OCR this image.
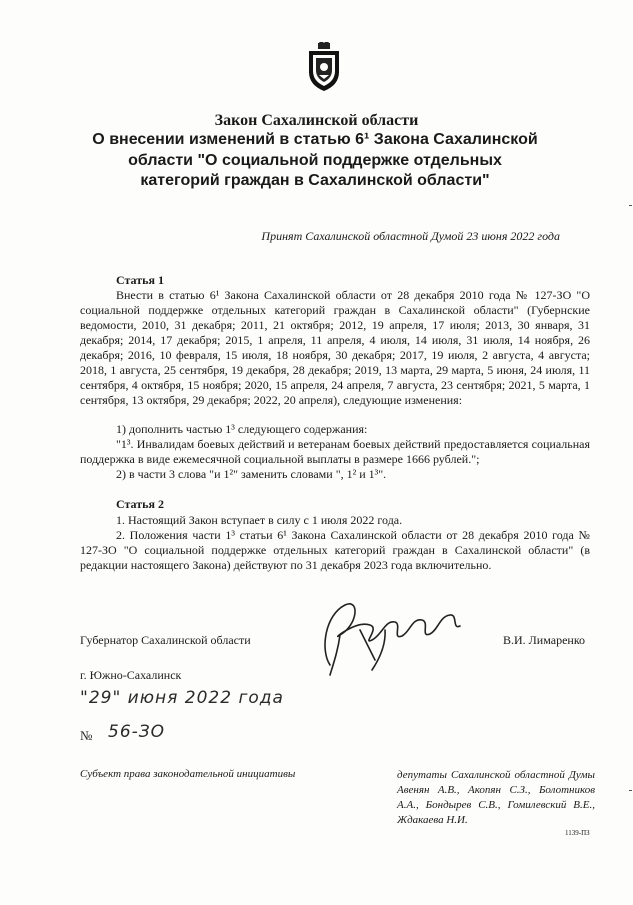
Закон Сахалинской области
О внесении изменений в статью 6¹ Закона Сахалинской области "О социальной поддержке отдельных категорий граждан в Сахалинской области"
Принят Сахалинской областной Думой 23 июня 2022 года
Статья 1
Внести в статью 6¹ Закона Сахалинской области от 28 декабря 2010 года № 127-ЗО "О социальной поддержке отдельных категорий граждан в Сахалинской области" (Губернские ведомости, 2010, 31 декабря; 2011, 21 октября; 2012, 19 апреля, 17 июля; 2013, 30 января, 31 декабря; 2014, 17 декабря; 2015, 1 апреля, 11 апреля, 4 июля, 14 июля, 31 июля, 14 ноября, 26 декабря; 2016, 10 февраля, 15 июля, 18 ноября, 30 декабря; 2017, 19 июля, 2 августа, 4 августа; 2018, 1 августа, 25 сентября, 19 декабря, 28 декабря; 2019, 13 марта, 29 марта, 5 июня, 24 июля, 11 сентября, 4 октября, 15 ноября; 2020, 15 апреля, 24 апреля, 7 августа, 23 сентября; 2021, 5 марта, 1 сентября, 13 октября, 29 декабря; 2022, 20 апреля), следующие изменения:
1) дополнить частью 1³ следующего содержания:
"1³. Инвалидам боевых действий и ветеранам боевых действий предоставляется социальная поддержка в виде ежемесячной социальной выплаты в размере 1666 рублей.";
2) в части 3 слова "и 1²" заменить словами ", 1² и 1³".
Статья 2
1. Настоящий Закон вступает в силу с 1 июля 2022 года.
2. Положения части 1³ статьи 6¹ Закона Сахалинской области от 28 декабря 2010 года № 127-ЗО "О социальной поддержке отдельных категорий граждан в Сахалинской области" (в редакции настоящего Закона) действуют по 31 декабря 2023 года включительно.
Губернатор Сахалинской области	В.И. Лимаренко
г. Южно-Сахалинск
"29" июня 2022 года
№ 56-ЗО
Субъект права законодательной инициативы	депутаты Сахалинской областной Думы Авенян А.В., Акопян С.З., Болотников А.А., Бондырев С.В., Гомилевский В.Е., Ждакаева Н.И.
1139-ПЗ
